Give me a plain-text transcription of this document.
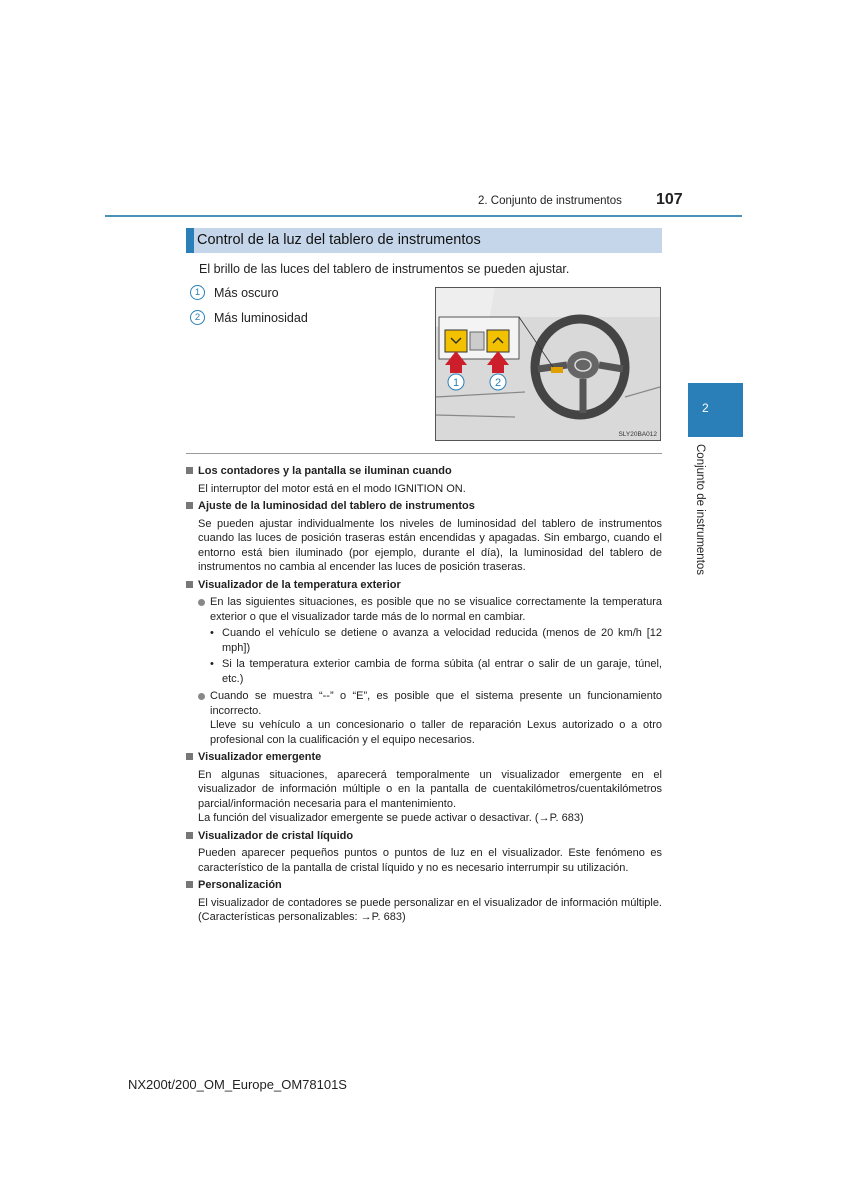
2. Conjunto de instrumentos 107
Control de la luz del tablero de instrumentos
El brillo de las luces del tablero de instrumentos se pueden ajustar.
1	Más oscuro
2	Más luminosidad
1	2
SLY20BA012
2
Conjunto de instrumentos
Los contadores y la pantalla se iluminan cuando

El interruptor del motor está en el modo IGNITION ON.

Ajuste de la luminosidad del tablero de instrumentos

Se pueden ajustar individualmente los niveles de luminosidad del tablero de instrumentos cuando las luces de posición traseras están encendidas y apagadas. Sin embargo, cuando el entorno está bien iluminado (por ejemplo, durante el día), la luminosidad del tablero de instrumentos no cambia al encender las luces de posición traseras.

Visualizador de la temperatura exterior
En las siguientes situaciones, es posible que no se visualice correctamente la temperatura exterior o que el visualizador tarde más de lo normal en cambiar.
• Cuando el vehículo se detiene o avanza a velocidad reducida (menos de 20 km/h [12 mph])
• Si la temperatura exterior cambia de forma súbita (al entrar o salir de un garaje, túnel, etc.)
Cuando se muestra “--” o “E”, es posible que el sistema presente un funcionamiento incorrecto.
Lleve su vehículo a un concesionario o taller de reparación Lexus autorizado o a otro profesional con la cualificación y el equipo necesarios.
Visualizador emergente

En algunas situaciones, aparecerá temporalmente un visualizador emergente en el visualizador de información múltiple o en la pantalla de cuentakilómetros/cuentakilómetros parcial/información necesaria para el mantenimiento.

La función del visualizador emergente se puede activar o desactivar. (→P. 683)

Visualizador de cristal líquido

Pueden aparecer pequeños puntos o puntos de luz en el visualizador. Este fenómeno es característico de la pantalla de cristal líquido y no es necesario interrumpir su utilización.

Personalización

El visualizador de contadores se puede personalizar en el visualizador de información múltiple. (Características personalizables: →P. 683)

NX200t/200_OM_Europe_OM78101S
